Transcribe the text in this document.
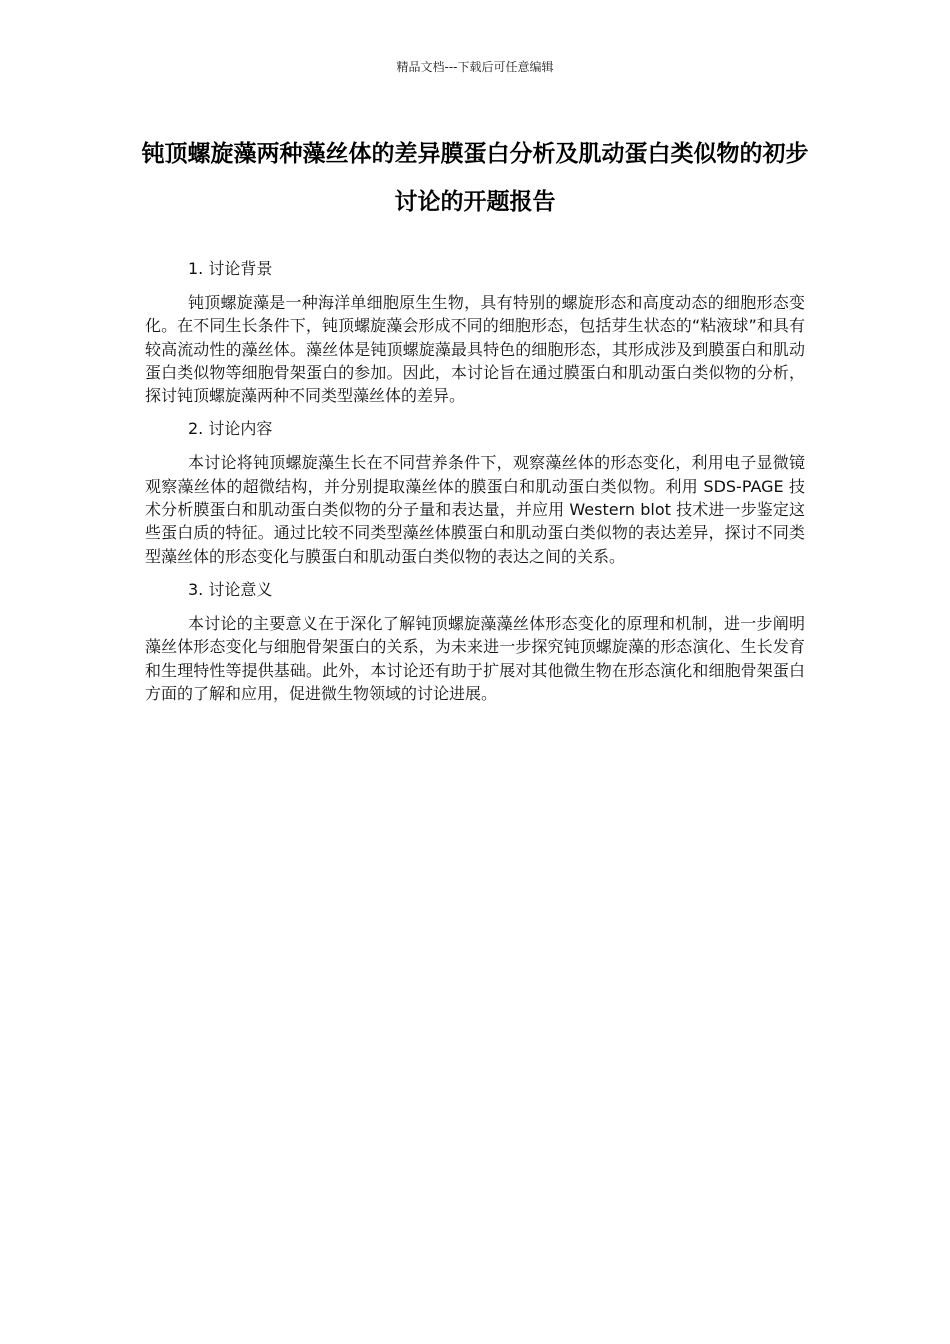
精品文档---下载后可任意编辑
钝顶螺旋藻两种藻丝体的差异膜蛋白分析及肌动蛋白类似物的初步讨论的开题报告
1. 讨论背景

钝顶螺旋藻是一种海洋单细胞原生生物，具有特别的螺旋形态和高度动态的细胞形态变化。在不同生长条件下，钝顶螺旋藻会形成不同的细胞形态，包括芽生状态的“粘液球”和具有较高流动性的藻丝体。藻丝体是钝顶螺旋藻最具特色的细胞形态，其形成涉及到膜蛋白和肌动蛋白类似物等细胞骨架蛋白的参加。因此，本讨论旨在通过膜蛋白和肌动蛋白类似物的分析，探讨钝顶螺旋藻两种不同类型藻丝体的差异。

2. 讨论内容

本讨论将钝顶螺旋藻生长在不同营养条件下，观察藻丝体的形态变化，利用电子显微镜观察藻丝体的超微结构，并分别提取藻丝体的膜蛋白和肌动蛋白类似物。利用 SDS-PAGE 技术分析膜蛋白和肌动蛋白类似物的分子量和表达量，并应用 Western blot 技术进一步鉴定这些蛋白质的特征。通过比较不同类型藻丝体膜蛋白和肌动蛋白类似物的表达差异，探讨不同类型藻丝体的形态变化与膜蛋白和肌动蛋白类似物的表达之间的关系。

3. 讨论意义

本讨论的主要意义在于深化了解钝顶螺旋藻藻丝体形态变化的原理和机制，进一步阐明藻丝体形态变化与细胞骨架蛋白的关系，为未来进一步探究钝顶螺旋藻的形态演化、生长发育和生理特性等提供基础。此外，本讨论还有助于扩展对其他微生物在形态演化和细胞骨架蛋白方面的了解和应用，促进微生物领域的讨论进展。
